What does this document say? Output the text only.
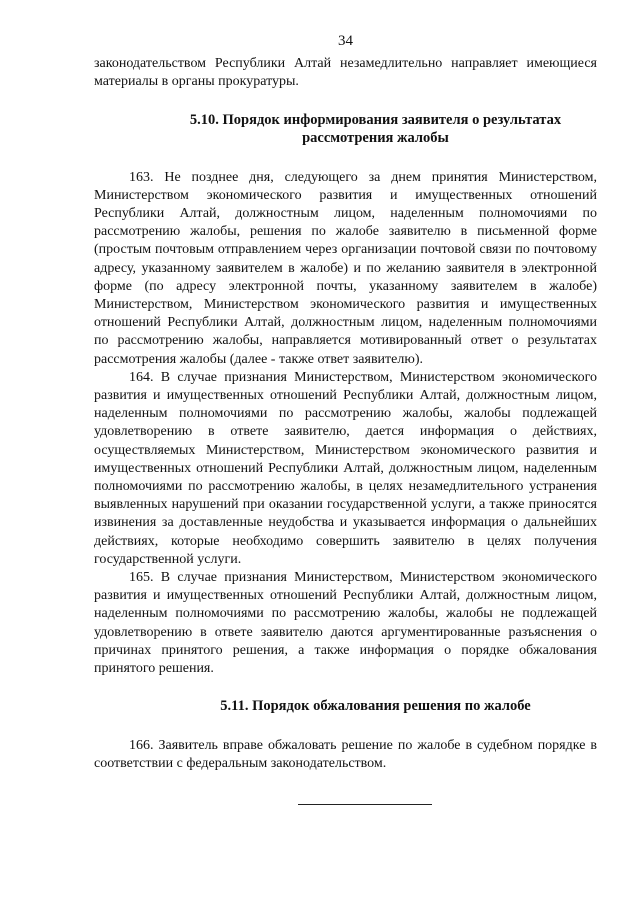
34

законодательством Республики Алтай незамедлительно направляет имеющиеся материалы в органы прокуратуры.

5.10. Порядок информирования заявителя о результатах рассмотрения жалобы

163. Не позднее дня, следующего за днем принятия Министерством, Министерством экономического развития и имущественных отношений Республики Алтай, должностным лицом, наделенным полномочиями по рассмотрению жалобы, решения по жалобе заявителю в письменной форме (простым почтовым отправлением через организации почтовой связи по почтовому адресу, указанному заявителем в жалобе) и по желанию заявителя в электронной форме (по адресу электронной почты, указанному заявителем в жалобе) Министерством, Министерством экономического развития и имущественных отношений Республики Алтай, должностным лицом, наделенным полномочиями по рассмотрению жалобы, направляется мотивированный ответ о результатах рассмотрения жалобы (далее - также ответ заявителю).

164. В случае признания Министерством, Министерством экономического развития и имущественных отношений Республики Алтай, должностным лицом, наделенным полномочиями по рассмотрению жалобы, жалобы подлежащей удовлетворению в ответе заявителю, дается информация о действиях, осуществляемых Министерством, Министерством экономического развития и имущественных отношений Республики Алтай, должностным лицом, наделенным полномочиями по рассмотрению жалобы, в целях незамедлительного устранения выявленных нарушений при оказании государственной услуги, а также приносятся извинения за доставленные неудобства и указывается информация о дальнейших действиях, которые необходимо совершить заявителю в целях получения государственной услуги.

165. В случае признания Министерством, Министерством экономического развития и имущественных отношений Республики Алтай, должностным лицом, наделенным полномочиями по рассмотрению жалобы, жалобы не подлежащей удовлетворению в ответе заявителю даются аргументированные разъяснения о причинах принятого решения, а также информация о порядке обжалования принятого решения.

5.11. Порядок обжалования решения по жалобе

166. Заявитель вправе обжаловать решение по жалобе в судебном порядке в соответствии с федеральным законодательством.
